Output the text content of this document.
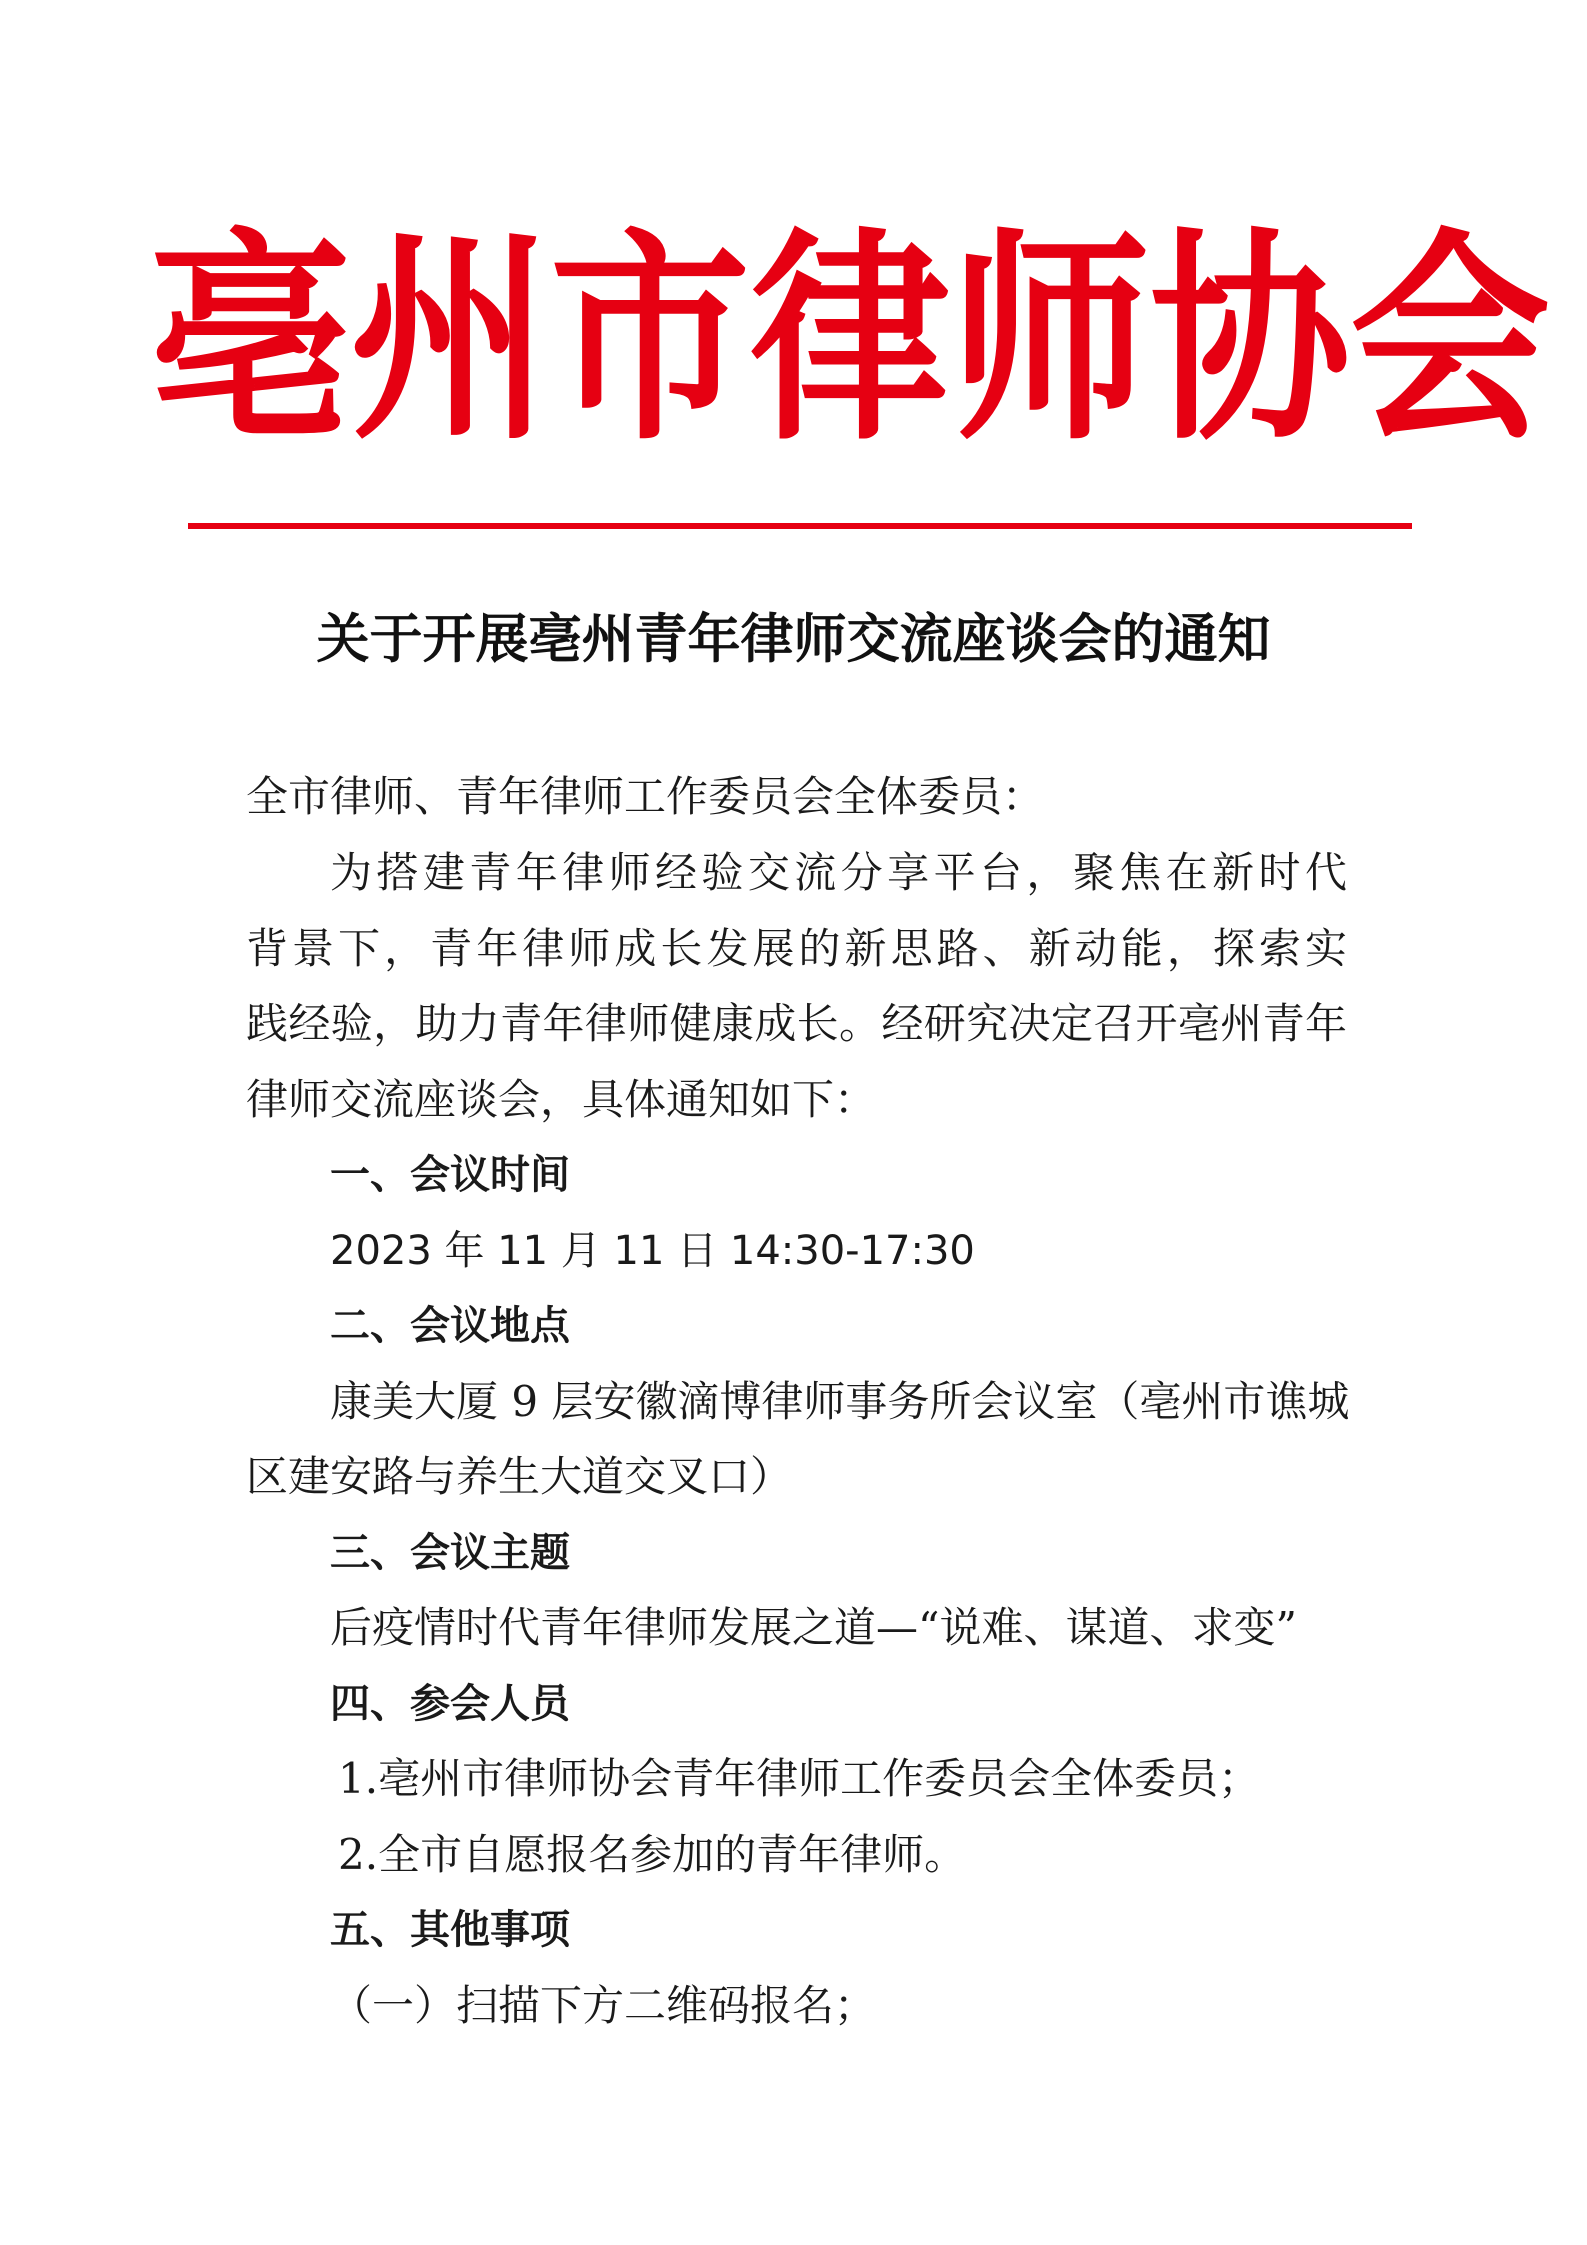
亳 州 市 律 师 协 会
关于开展亳州青年律师交流座谈会的通知
全市律师、青年律师工作委员会全体委员：
为搭建青年律师经验交流分享平台，聚焦在新时代
背景下，青年律师成长发展的新思路、新动能，探索实
践经验，助力青年律师健康成长。经研究决定召开亳州青年
律师交流座谈会，具体通知如下：
一、会议时间
2023 年 11 月 11 日 14:30-17:30
二、会议地点
康美大厦 9 层安徽滴博律师事务所会议室（亳州市谯城
区建安路与养生大道交叉口）
三、会议主题
后疫情时代青年律师发展之道—“说难、谋道、求变”
四、参会人员
1.亳州市律师协会青年律师工作委员会全体委员；
2.全市自愿报名参加的青年律师。
五、其他事项
（一）扫描下方二维码报名；
